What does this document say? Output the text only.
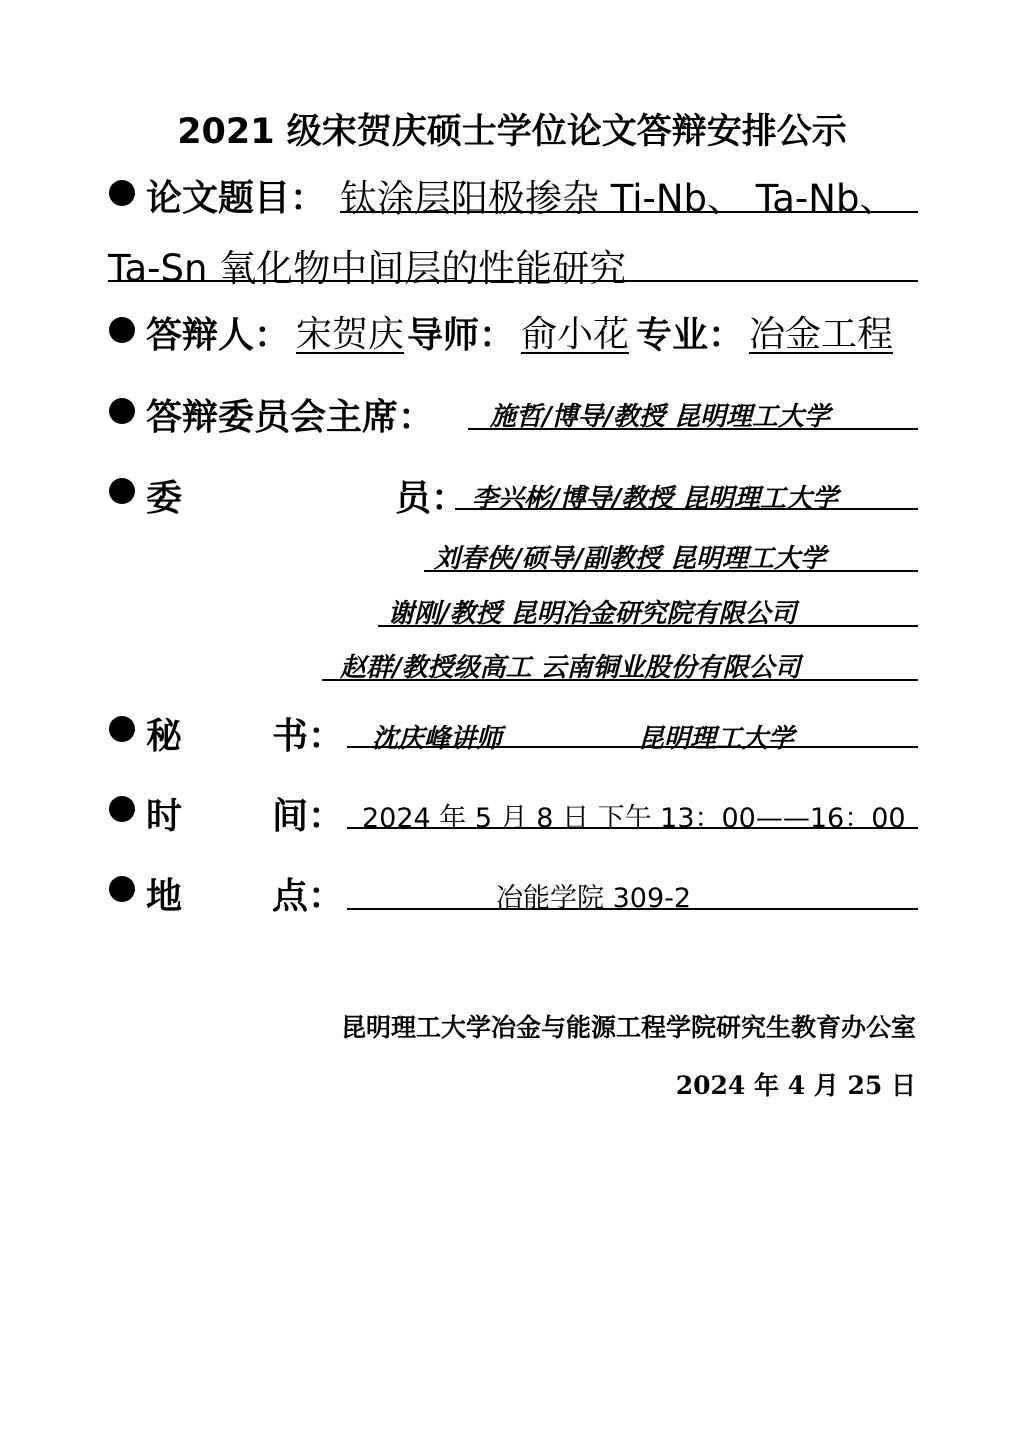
2021 级宋贺庆硕士学位论文答辩安排公示
论文题目： 钛涂层阳极掺杂 Ti-Nb、 Ta-Nb、
Ta-Sn 氧化物中间层的性能研究
答辩人： 宋贺庆 导师： 俞小花 专业： 冶金工程
答辩委员会主席： 施哲/博导/教授 昆明理工大学
委	员： 李兴彬/博导/教授 昆明理工大学
刘春侠/硕导/副教授 昆明理工大学
谢刚/教授 昆明冶金研究院有限公司
赵群/教授级高工 云南铜业股份有限公司
秘 书： 沈庆峰讲师	昆明理工大学
时 间： 2024 年 5 月 8 日 下午 13：00——16：00
地 点：	冶能学院 309-2
昆明理工大学冶金与能源工程学院研究生教育办公室
2024 年 4 月 25 日
